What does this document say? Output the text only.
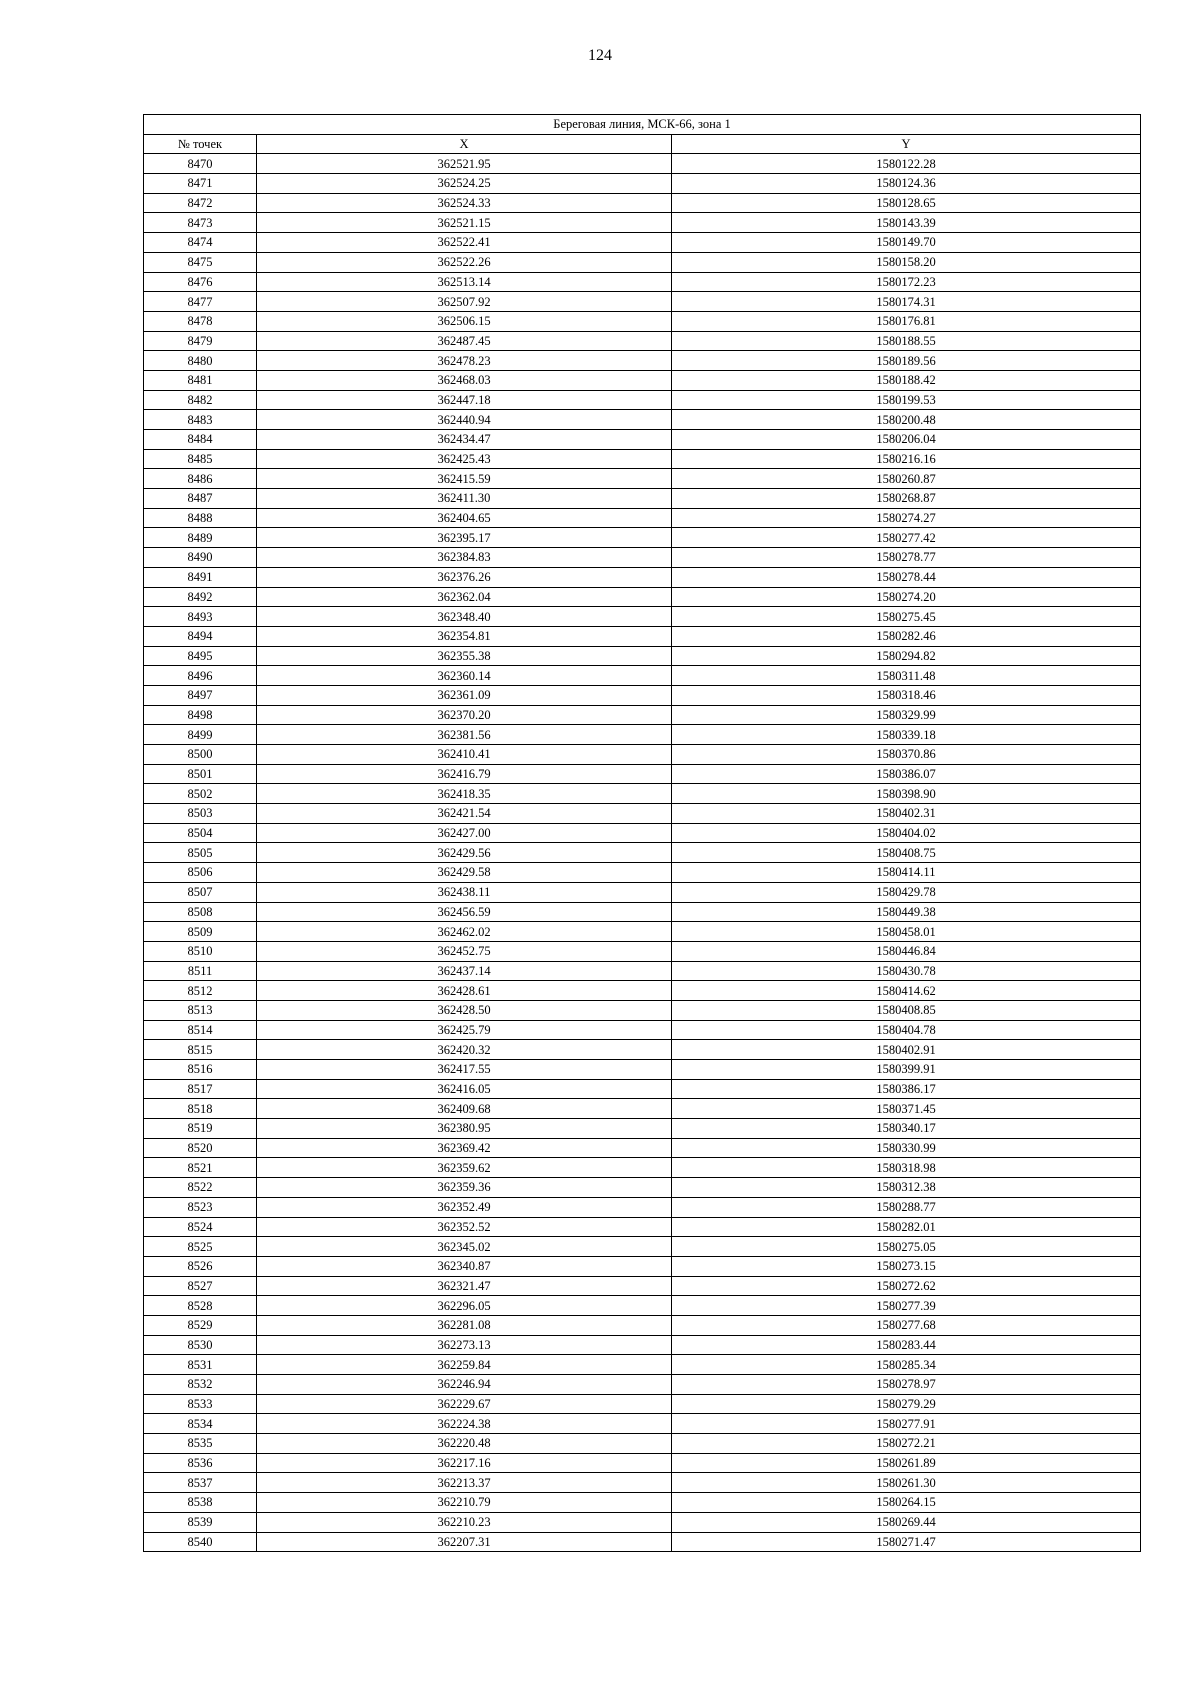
124
Береговая линия, МСК-66, зона 1		
№ точек	X	Y
8470	362521.95	1580122.28
8471	362524.25	1580124.36
8472	362524.33	1580128.65
8473	362521.15	1580143.39
8474	362522.41	1580149.70
8475	362522.26	1580158.20
8476	362513.14	1580172.23
8477	362507.92	1580174.31
8478	362506.15	1580176.81
8479	362487.45	1580188.55
8480	362478.23	1580189.56
8481	362468.03	1580188.42
8482	362447.18	1580199.53
8483	362440.94	1580200.48
8484	362434.47	1580206.04
8485	362425.43	1580216.16
8486	362415.59	1580260.87
8487	362411.30	1580268.87
8488	362404.65	1580274.27
8489	362395.17	1580277.42
8490	362384.83	1580278.77
8491	362376.26	1580278.44
8492	362362.04	1580274.20
8493	362348.40	1580275.45
8494	362354.81	1580282.46
8495	362355.38	1580294.82
8496	362360.14	1580311.48
8497	362361.09	1580318.46
8498	362370.20	1580329.99
8499	362381.56	1580339.18
8500	362410.41	1580370.86
8501	362416.79	1580386.07
8502	362418.35	1580398.90
8503	362421.54	1580402.31
8504	362427.00	1580404.02
8505	362429.56	1580408.75
8506	362429.58	1580414.11
8507	362438.11	1580429.78
8508	362456.59	1580449.38
8509	362462.02	1580458.01
8510	362452.75	1580446.84
8511	362437.14	1580430.78
8512	362428.61	1580414.62
8513	362428.50	1580408.85
8514	362425.79	1580404.78
8515	362420.32	1580402.91
8516	362417.55	1580399.91
8517	362416.05	1580386.17
8518	362409.68	1580371.45
8519	362380.95	1580340.17
8520	362369.42	1580330.99
8521	362359.62	1580318.98
8522	362359.36	1580312.38
8523	362352.49	1580288.77
8524	362352.52	1580282.01
8525	362345.02	1580275.05
8526	362340.87	1580273.15
8527	362321.47	1580272.62
8528	362296.05	1580277.39
8529	362281.08	1580277.68
8530	362273.13	1580283.44
8531	362259.84	1580285.34
8532	362246.94	1580278.97
8533	362229.67	1580279.29
8534	362224.38	1580277.91
8535	362220.48	1580272.21
8536	362217.16	1580261.89
8537	362213.37	1580261.30
8538	362210.79	1580264.15
8539	362210.23	1580269.44
8540	362207.31	1580271.47
